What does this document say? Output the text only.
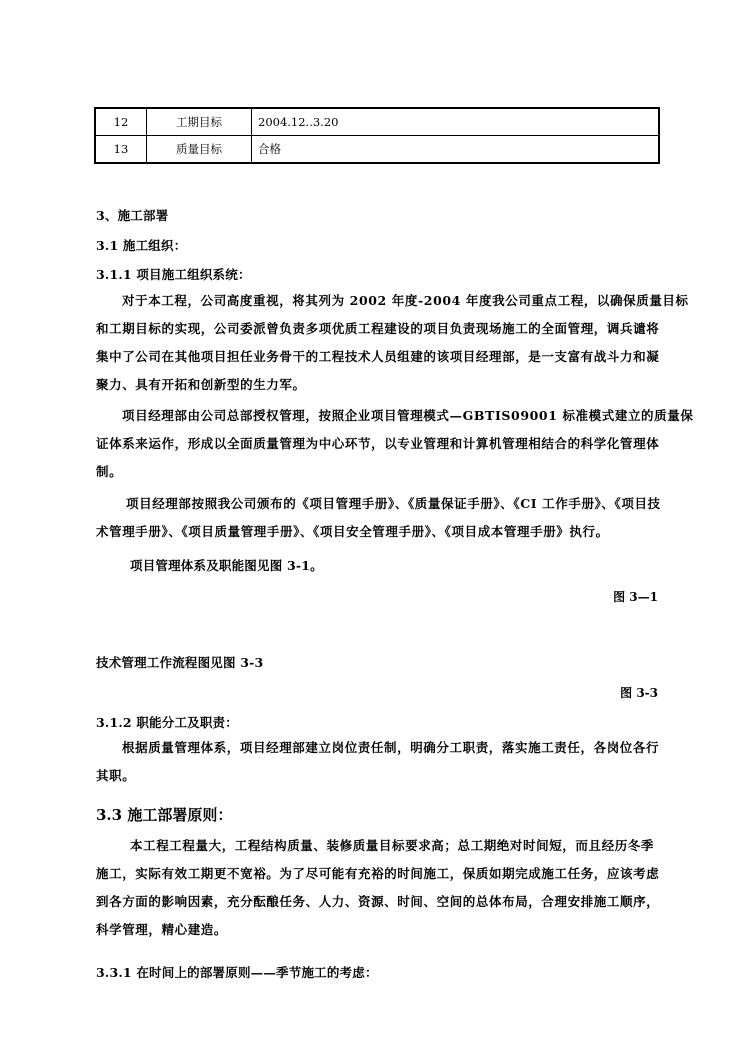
12	工期目标	2004.12..3.20
13	质量目标	合格
3、施工部署
3.1 施工组织：
3.1.1 项目施工组织系统：
对于本工程，公司高度重视，将其列为 2002 年度-2004 年度我公司重点工程，以确保质量目标
和工期目标的实现，公司委派曾负责多项优质工程建设的项目负责现场施工的全面管理，调兵谴将
集中了公司在其他项目担任业务骨干的工程技术人员组建的该项目经理部，是一支富有战斗力和凝
聚力、具有开拓和创新型的生力军。
项目经理部由公司总部授权管理，按照企业项目管理模式—GBTIS09001 标准模式建立的质量保
证体系来运作，形成以全面质量管理为中心环节，以专业管理和计算机管理相结合的科学化管理体
制。
项目经理部按照我公司颁布的《项目管理手册》、《质量保证手册》、《CI 工作手册》、《项目技
术管理手册》、《项目质量管理手册》、《项目安全管理手册》、《项目成本管理手册》执行。
项目管理体系及职能图见图 3-1。
图 3—1
技术管理工作流程图见图 3-3
图 3-3
3.1.2 职能分工及职责：
根据质量管理体系，项目经理部建立岗位责任制，明确分工职责，落实施工责任，各岗位各行
其职。
3.3 施工部署原则：
本工程工程量大，工程结构质量、装修质量目标要求高；总工期绝对时间短，而且经历冬季
施工，实际有效工期更不宽裕。为了尽可能有充裕的时间施工，保质如期完成施工任务，应该考虑
到各方面的影响因素，充分酝酿任务、人力、资源、时间、空间的总体布局，合理安排施工顺序，
科学管理，精心建造。
3.3.1 在时间上的部署原则——季节施工的考虑：
